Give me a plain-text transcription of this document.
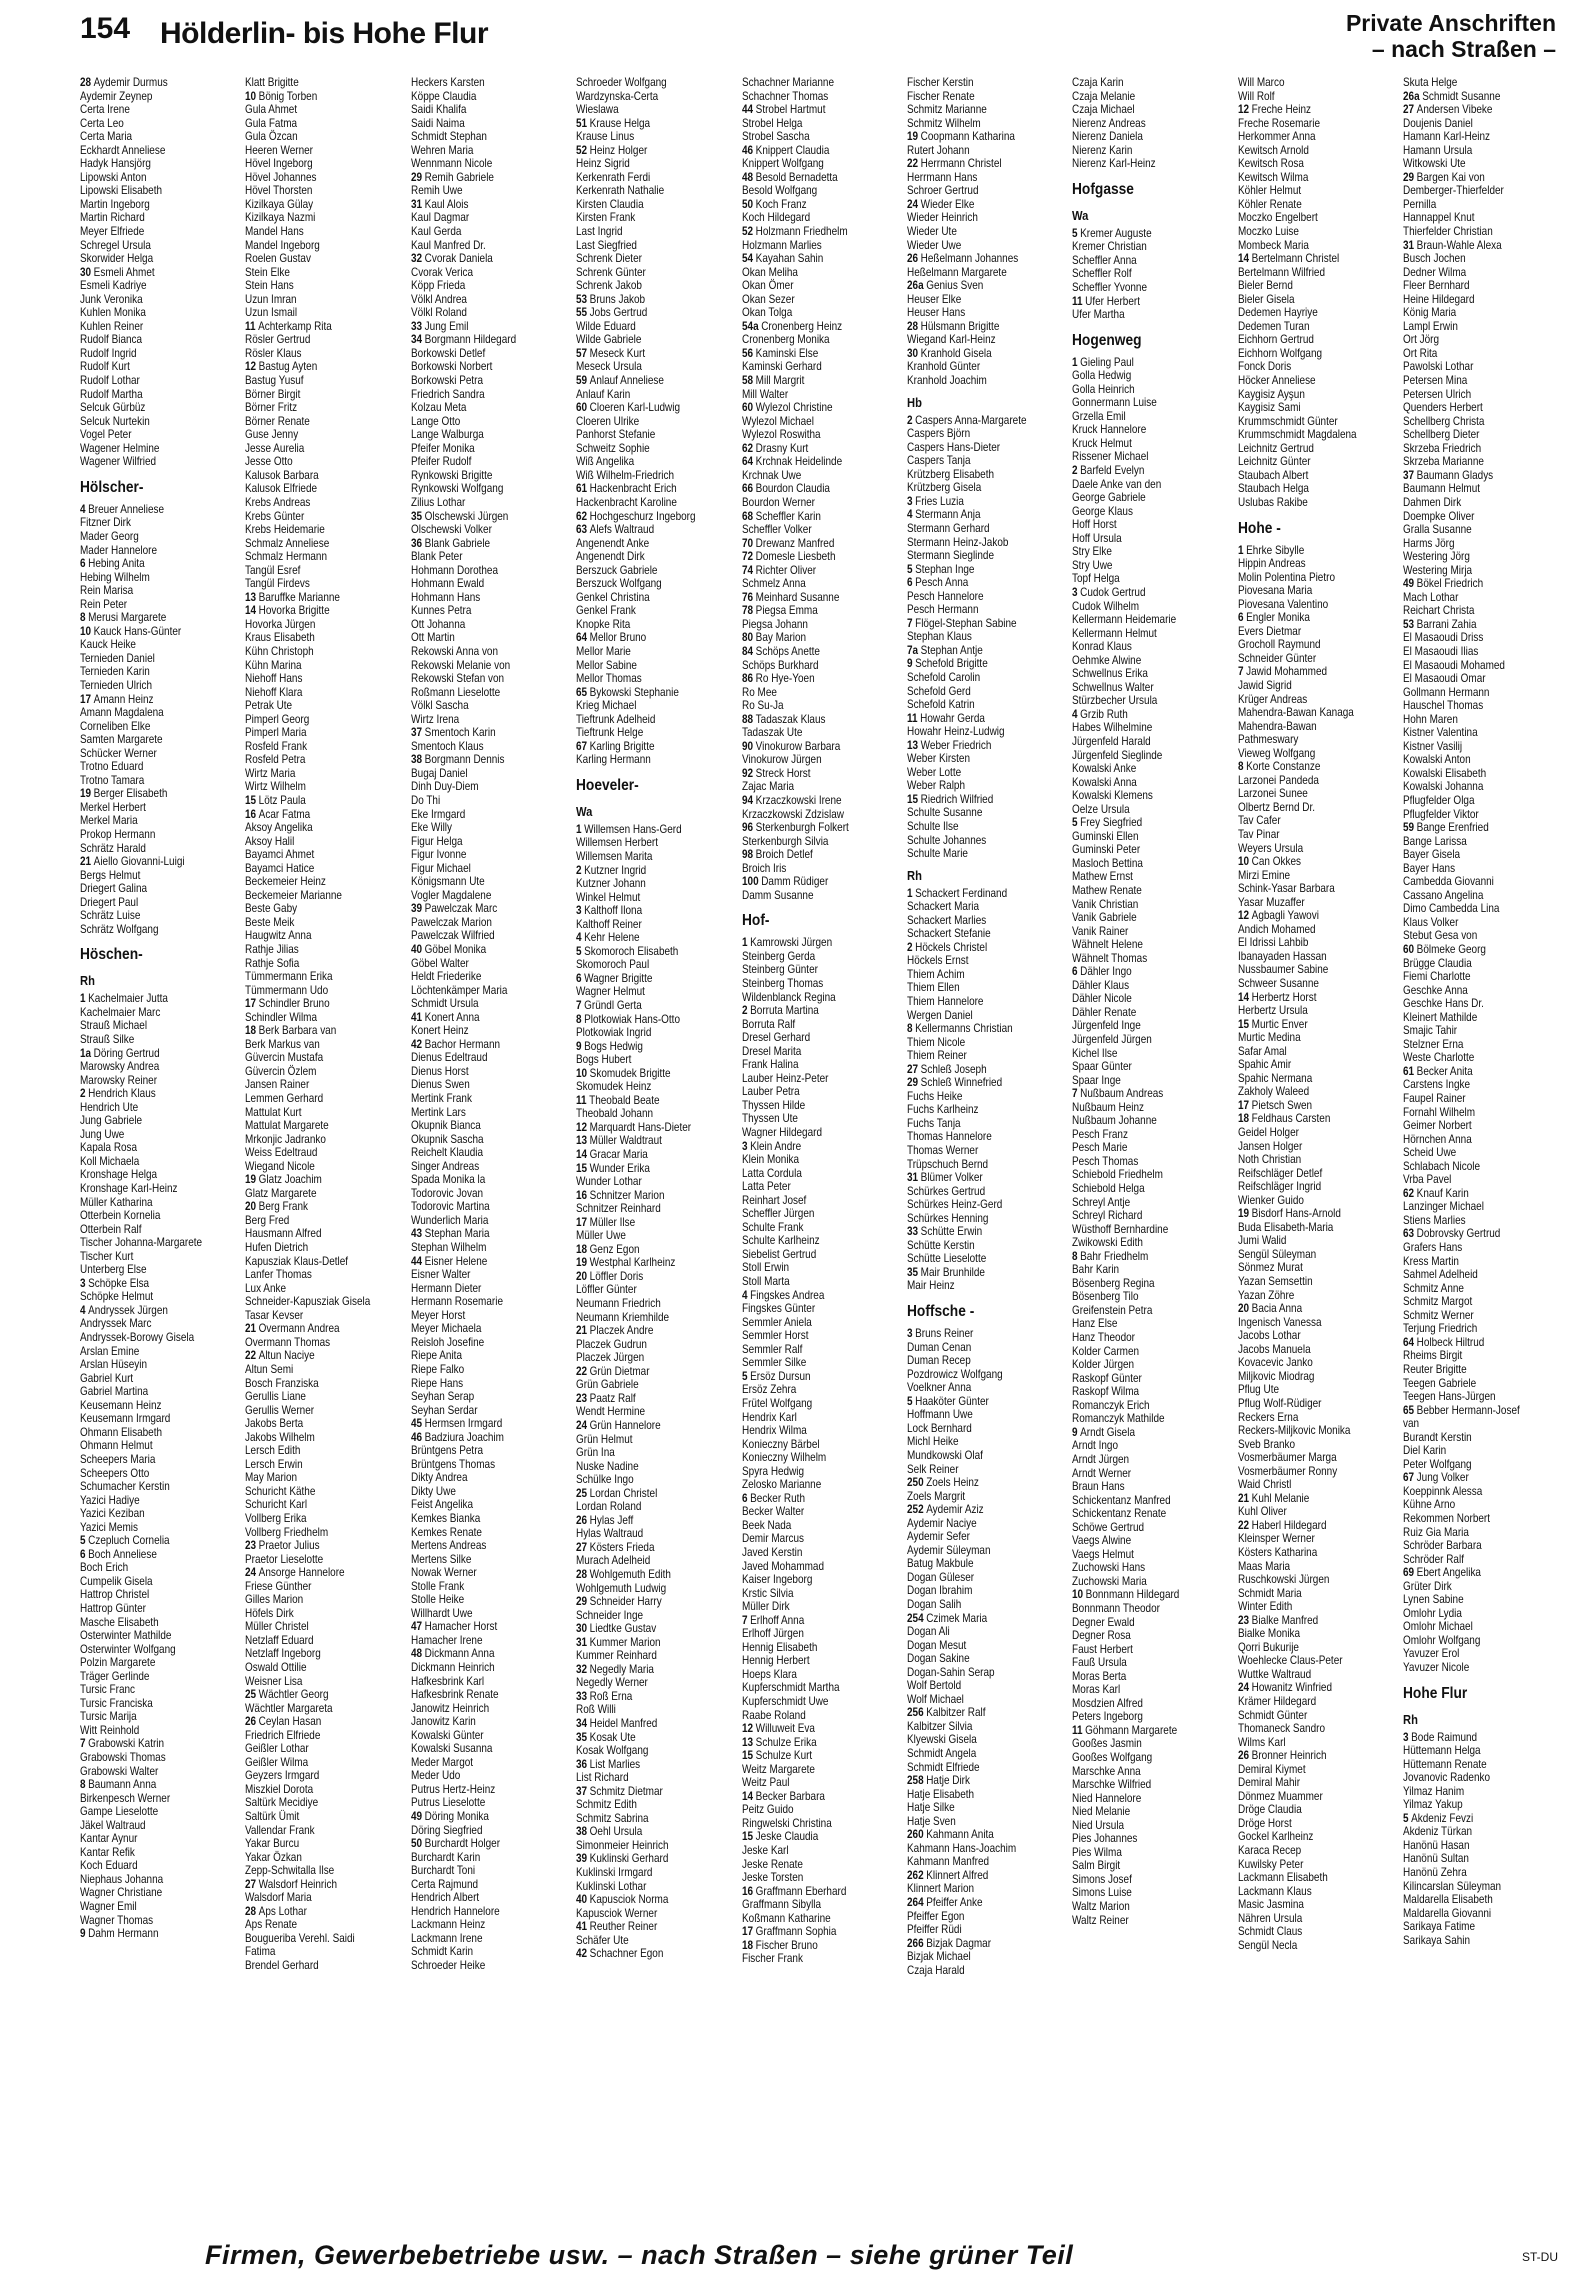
154 Hölderlin- bis Hohe Flur	Private Anschriften
– nach Straßen –
28 Aydemir Durmus
Aydemir Zeynep
Certa Irene
Certa Leo
Certa Maria
Eckhardt Anneliese
Hadyk Hansjörg
Lipowski Anton
Lipowski Elisabeth
Martin Ingeborg
Martin Richard
Meyer Elfriede
Schregel Ursula
Skorwider Helga
30 Esmeli Ahmet
Esmeli Kadriye
Junk Veronika
Kuhlen Monika
Kuhlen Reiner
Rudolf Bianca
Rudolf Ingrid
Rudolf Kurt
Rudolf Lothar
Rudolf Martha
Selcuk Gürbüz
Selcuk Nurtekin
Vogel Peter
Wagener Helmine
Wagener Wilfried
Hölscher-
4 Breuer Anneliese
Fitzner Dirk
Mader Georg
Mader Hannelore
6 Hebing Anita
Hebing Wilhelm
Rein Marisa
Rein Peter
8 Merusi Margarete
10 Kauck Hans-Günter
Kauck Heike
Ternieden Daniel
Ternieden Karin
Ternieden Ulrich
17 Amann Heinz
Amann Magdalena
Corneliben Elke
Samten Margarete
Schücker Werner
Trotno Eduard
Trotno Tamara
19 Berger Elisabeth
Merkel Herbert
Merkel Maria
Prokop Hermann
Schrätz Harald
21 Aiello Giovanni-Luigi
Bergs Helmut
Driegert Galina
Driegert Paul
Schrätz Luise
Schrätz Wolfgang
Höschen-
Rh
1 Kachelmaier Jutta
Kachelmaier Marc
Strauß Michael
Strauß Silke
1a Döring Gertrud
Marowsky Andrea
Marowsky Reiner
2 Hendrich Klaus
Hendrich Ute
Jung Gabriele
Jung Uwe
Kapala Rosa
Koll Michaela
Kronshage Helga
Kronshage Karl-Heinz
Müller Katharina
Otterbein Kornelia
Otterbein Ralf
Tischer Johanna-Margarete
Tischer Kurt
Unterberg Else
3 Schöpke Elsa
Schöpke Helmut
4 Andryssek Jürgen
Andryssek Marc
Andryssek-Borowy Gisela
Arslan Emine
Arslan Hüseyin
Gabriel Kurt
Gabriel Martina
Keusemann Heinz
Keusemann Irmgard
Ohmann Elisabeth
Ohmann Helmut
Scheepers Maria
Scheepers Otto
Schumacher Kerstin
Yazici Hadiye
Yazici Keziban
Yazici Memis
5 Czepluch Cornelia
6 Boch Anneliese
Boch Erich
Cumpelik Gisela
Hattrop Christel
Hattrop Günter
Masche Elisabeth
Osterwinter Mathilde
Osterwinter Wolfgang
Polzin Margarete
Träger Gerlinde
Tursic Franc
Tursic Franciska
Tursic Marija
Witt Reinhold
7 Grabowski Katrin
Grabowski Thomas
Grabowski Walter
8 Baumann Anna
Birkenpesch Werner
Gampe Lieselotte
Jäkel Waltraud
Kantar Aynur
Kantar Refik
Koch Eduard
Niephaus Johanna
Wagner Christiane
Wagner Emil
Wagner Thomas
9 Dahm Hermann
Klatt Brigitte
10 Bönig Torben
Gula Ahmet
Gula Fatma
Gula Özcan
Heeren Werner
Hövel Ingeborg
Hövel Johannes
Hövel Thorsten
Kizilkaya Gülay
Kizilkaya Nazmi
Mandel Hans
Mandel Ingeborg
Roelen Gustav
Stein Elke
Stein Hans
Uzun Imran
Uzun Ismail
11 Achterkamp Rita
Rösler Gertrud
Rösler Klaus
12 Bastug Ayten
Bastug Yusuf
Börner Birgit
Börner Fritz
Börner Renate
Guse Jenny
Jesse Aurelia
Jesse Otto
Kalusok Barbara
Kalusok Elfriede
Krebs Andreas
Krebs Günter
Krebs Heidemarie
Schmalz Anneliese
Schmalz Hermann
Tangül Esref
Tangül Firdevs
13 Baruffke Marianne
14 Hovorka Brigitte
Hovorka Jürgen
Kraus Elisabeth
Kühn Christoph
Kühn Marina
Niehoff Hans
Niehoff Klara
Petrak Ute
Pimperl Georg
Pimperl Maria
Rosfeld Frank
Rosfeld Petra
Wirtz Maria
Wirtz Wilhelm
15 Lötz Paula
16 Acar Fatma
Aksoy Angelika
Aksoy Halil
Bayamci Ahmet
Bayamci Hatice
Beckemeier Heinz
Beckemeier Marianne
Beste Gaby
Beste Meik
Haugwitz Anna
Rathje Jilias
Rathje Sofia
Tümmermann Erika
Tümmermann Udo
17 Schindler Bruno
Schindler Wilma
18 Berk Barbara van
Berk Markus van
Güvercin Mustafa
Güvercin Özlem
Jansen Rainer
Lemmen Gerhard
Mattulat Kurt
Mattulat Margarete
Mrkonjic Jadranko
Weiss Edeltraud
Wiegand Nicole
19 Glatz Joachim
Glatz Margarete
20 Berg Frank
Berg Fred
Hausmann Alfred
Hufen Dietrich
Kapusziak Klaus-Detlef
Lanfer Thomas
Lux Anke
Schneider-Kapusziak Gisela
Tasar Kevser
21 Overmann Andrea
Overmann Thomas
22 Altun Naciye
Altun Semi
Bosch Franziska
Gerullis Liane
Gerullis Werner
Jakobs Berta
Jakobs Wilhelm
Lersch Edith
Lersch Erwin
May Marion
Schuricht Käthe
Schuricht Karl
Vollberg Erika
Vollberg Friedhelm
23 Praetor Julius
Praetor Lieselotte
24 Ansorge Hannelore
Friese Günther
Gilles Marion
Höfels Dirk
Müller Christel
Netzlaff Eduard
Netzlaff Ingeborg
Oswald Ottilie
Weisner Lisa
25 Wächtler Georg
Wächtler Margareta
26 Ceylan Hasan
Friedrich Elfriede
Geißler Lothar
Geißler Wilma
Geyzers Irmgard
Miszkiel Dorota
Saltürk Mecidiye
Saltürk Ümit
Vallendar Frank
Yakar Burcu
Yakar Özkan
Zepp-Schwitalla Ilse
27 Walsdorf Heinrich
Walsdorf Maria
28 Aps Lothar
Aps Renate
Bougueriba Verehl. Saidi
Fatima
Brendel Gerhard
Heckers Karsten
Köppe Claudia
Saidi Khalifa
Saidi Naima
Schmidt Stephan
Wehren Maria
Wennmann Nicole
29 Remih Gabriele
Remih Uwe
31 Kaul Alois
Kaul Dagmar
Kaul Gerda
Kaul Manfred Dr.
32 Cvorak Daniela
Cvorak Verica
Köpp Frieda
Völkl Andrea
Völkl Roland
33 Jung Emil
34 Borgmann Hildegard
Borkowski Detlef
Borkowski Norbert
Borkowski Petra
Friedrich Sandra
Kolzau Meta
Lange Otto
Lange Walburga
Pfeifer Monika
Pfeifer Rudolf
Rynkowski Brigitte
Rynkowski Wolfgang
Zilius Lothar
35 Olschewski Jürgen
Olschewski Volker
36 Blank Gabriele
Blank Peter
Hohmann Dorothea
Hohmann Ewald
Hohmann Hans
Kunnes Petra
Ott Johanna
Ott Martin
Rekowski Anna von
Rekowski Melanie von
Rekowski Stefan von
Roßmann Lieselotte
Völkl Sascha
Wirtz Irena
37 Smentoch Karin
Smentoch Klaus
38 Borgmann Dennis
Bugaj Daniel
Dinh Duy-Diem
Do Thi
Eke Irmgard
Eke Willy
Figur Helga
Figur Ivonne
Figur Michael
Königsmann Ute
Vogler Magdalene
39 Pawelczak Marc
Pawelczak Marion
Pawelczak Wilfried
40 Göbel Monika
Göbel Walter
Heldt Friederike
Löchtenkämper Maria
Schmidt Ursula
41 Konert Anna
Konert Heinz
42 Bachor Hermann
Dienus Edeltraud
Dienus Horst
Dienus Swen
Mertink Frank
Mertink Lars
Okupnik Bianca
Okupnik Sascha
Reichelt Klaudia
Singer Andreas
Spada Monika la
Todorovic Jovan
Todorovic Martina
Wunderlich Maria
43 Stephan Maria
Stephan Wilhelm
44 Eisner Helene
Eisner Walter
Hermann Dieter
Hermann Rosemarie
Meyer Horst
Meyer Michaela
Reisloh Josefine
Riepe Anita
Riepe Falko
Riepe Hans
Seyhan Serap
Seyhan Serdar
45 Hermsen Irmgard
46 Badziura Joachim
Brüntgens Petra
Brüntgens Thomas
Dikty Andrea
Dikty Uwe
Feist Angelika
Kemkes Bianka
Kemkes Renate
Mertens Andreas
Mertens Silke
Nowak Werner
Stolle Frank
Stolle Heike
Willhardt Uwe
47 Hamacher Horst
Hamacher Irene
48 Dickmann Anna
Dickmann Heinrich
Hafkesbrink Karl
Hafkesbrink Renate
Janowitz Heinrich
Janowitz Karin
Kowalski Günter
Kowalski Susanna
Meder Margot
Meder Udo
Putrus Hertz-Heinz
Putrus Lieselotte
49 Döring Monika
Döring Siegfried
50 Burchardt Holger
Burchardt Karin
Burchardt Toni
Certa Rajmund
Hendrich Albert
Hendrich Hannelore
Lackmann Heinz
Lackmann Irene
Schmidt Karin
Schroeder Heike
Schroeder Wolfgang
Wardzynska-Certa
Wieslawa
51 Krause Helga
Krause Linus
52 Heinz Holger
Heinz Sigrid
Kerkenrath Ferdi
Kerkenrath Nathalie
Kirsten Claudia
Kirsten Frank
Last Ingrid
Last Siegfried
Schrenk Dieter
Schrenk Günter
Schrenk Jakob
53 Bruns Jakob
55 Jobs Gertrud
Wilde Eduard
Wilde Gabriele
57 Meseck Kurt
Meseck Ursula
59 Anlauf Anneliese
Anlauf Karin
60 Cloeren Karl-Ludwig
Cloeren Ulrike
Panhorst Stefanie
Schweitz Sophie
Wiß Angelika
Wiß Wilhelm-Friedrich
61 Hackenbracht Erich
Hackenbracht Karoline
62 Hochgeschurz Ingeborg
63 Alefs Waltraud
Angenendt Anke
Angenendt Dirk
Berszuck Gabriele
Berszuck Wolfgang
Genkel Christina
Genkel Frank
Knopke Rita
64 Mellor Bruno
Mellor Marie
Mellor Sabine
Mellor Thomas
65 Bykowski Stephanie
Krieg Michael
Tieftrunk Adelheid
Tieftrunk Helge
67 Karling Brigitte
Karling Hermann
Hoeveler-
Wa
1 Willemsen Hans-Gerd
Willemsen Herbert
Willemsen Marita
2 Kutzner Ingrid
Kutzner Johann
Winkel Helmut
3 Kalthoff Ilona
Kalthoff Reiner
4 Kehr Helene
5 Skomoroch Elisabeth
Skomoroch Paul
6 Wagner Brigitte
Wagner Helmut
7 Gründl Gerta
8 Plotkowiak Hans-Otto
Plotkowiak Ingrid
9 Bogs Hedwig
Bogs Hubert
10 Skomudek Brigitte
Skomudek Heinz
11 Theobald Beate
Theobald Johann
12 Marquardt Hans-Dieter
13 Müller Waldtraut
14 Gracar Maria
15 Wunder Erika
Wunder Lothar
16 Schnitzer Marion
Schnitzer Reinhard
17 Müller Ilse
Müller Uwe
18 Genz Egon
19 Westphal Karlheinz
20 Löffler Doris
Löffler Günter
Neumann Friedrich
Neumann Kriemhilde
21 Placzek Andre
Placzek Gudrun
Placzek Jürgen
22 Grün Dietmar
Grün Gabriele
23 Paatz Ralf
Wendt Hermine
24 Grün Hannelore
Grün Helmut
Grün Ina
Nuske Nadine
Schülke Ingo
25 Lordan Christel
Lordan Roland
26 Hylas Jeff
Hylas Waltraud
27 Kösters Frieda
Murach Adelheid
28 Wohlgemuth Edith
Wohlgemuth Ludwig
29 Schneider Harry
Schneider Inge
30 Liedtke Gustav
31 Kummer Marion
Kummer Reinhard
32 Negedly Maria
Negedly Werner
33 Roß Erna
Roß Willi
34 Heidel Manfred
35 Kosak Ute
Kosak Wolfgang
36 List Marlies
List Richard
37 Schmitz Dietmar
Schmitz Edith
Schmitz Sabrina
38 Oehl Ursula
Simonmeier Heinrich
39 Kuklinski Gerhard
Kuklinski Irmgard
Kuklinski Lothar
40 Kapusciok Norma
Kapusciok Werner
41 Reuther Reiner
Schäfer Ute
42 Schachner Egon
Schachner Marianne
Schachner Thomas
44 Strobel Hartmut
Strobel Helga
Strobel Sascha
46 Knippert Claudia
Knippert Wolfgang
48 Besold Bernadetta
Besold Wolfgang
50 Koch Franz
Koch Hildegard
52 Holzmann Friedhelm
Holzmann Marlies
54 Kayahan Sahin
Okan Meliha
Okan Ömer
Okan Sezer
Okan Tolga
54a Cronenberg Heinz
Cronenberg Monika
56 Kaminski Else
Kaminski Gerhard
58 Mill Margrit
Mill Walter
60 Wylezol Christine
Wylezol Michael
Wylezol Roswitha
62 Drasny Kurt
64 Krchnak Heidelinde
Krchnak Uwe
66 Bourdon Claudia
Bourdon Werner
68 Scheffler Karin
Scheffler Volker
70 Drewanz Manfred
72 Domesle Liesbeth
74 Richter Oliver
Schmelz Anna
76 Meinhard Susanne
78 Piegsa Emma
Piegsa Johann
80 Bay Marion
84 Schöps Anette
Schöps Burkhard
86 Ro Hye-Yoen
Ro Mee
Ro Su-Ja
88 Tadaszak Klaus
Tadaszak Ute
90 Vinokurow Barbara
Vinokurow Jürgen
92 Streck Horst
Zajac Maria
94 Krzaczkowski Irene
Krzaczkowski Zdzislaw
96 Sterkenburgh Folkert
Sterkenburgh Silvia
98 Broich Detlef
Broich Iris
100 Damm Rüdiger
Damm Susanne
Hof-
1 Kamrowski Jürgen
Steinberg Gerda
Steinberg Günter
Steinberg Thomas
Wildenblanck Regina
2 Borruta Martina
Borruta Ralf
Dresel Gerhard
Dresel Marita
Frank Halina
Lauber Heinz-Peter
Lauber Petra
Thyssen Hilde
Thyssen Ute
Wagner Hildegard
3 Klein Andre
Klein Monika
Latta Cordula
Latta Peter
Reinhart Josef
Scheffler Jürgen
Schulte Frank
Schulte Karlheinz
Siebelist Gertrud
Stoll Erwin
Stoll Marta
4 Fingskes Andrea
Fingskes Günter
Semmler Aniela
Semmler Horst
Semmler Ralf
Semmler Silke
5 Ersöz Dursun
Ersöz Zehra
Frütel Wolfgang
Hendrix Karl
Hendrix Wilma
Konieczny Bärbel
Konieczny Wilhelm
Spyra Hedwig
Zelosko Marianne
6 Becker Ruth
Becker Walter
Beek Nada
Demir Marcus
Javed Kerstin
Javed Mohammad
Kaiser Ingeborg
Krstic Silvia
Müller Dirk
7 Erlhoff Anna
Erlhoff Jürgen
Hennig Elisabeth
Hennig Herbert
Hoeps Klara
Kupferschmidt Martha
Kupferschmidt Uwe
Raabe Roland
12 Willuweit Eva
13 Schulze Erika
15 Schulze Kurt
Weitz Margarete
Weitz Paul
14 Becker Barbara
Peitz Guido
Ringwelski Christina
15 Jeske Claudia
Jeske Karl
Jeske Renate
Jeske Torsten
16 Graffmann Eberhard
Graffmann Sibylla
Koßmann Katharine
17 Graffmann Sophia
18 Fischer Bruno
Fischer Frank
Fischer Kerstin
Fischer Renate
Schmitz Marianne
Schmitz Wilhelm
19 Coopmann Katharina
Rutert Johann
22 Herrmann Christel
Herrmann Hans
Schroer Gertrud
24 Wieder Elke
Wieder Heinrich
Wieder Ute
Wieder Uwe
26 Heßelmann Johannes
Heßelmann Margarete
26a Genius Sven
Heuser Elke
Heuser Hans
28 Hülsmann Brigitte
Wiegand Karl-Heinz
30 Kranhold Gisela
Kranhold Günter
Kranhold Joachim
Hb
2 Caspers Anna-Margarete
Caspers Björn
Caspers Hans-Dieter
Caspers Tanja
Krützberg Elisabeth
Krützberg Gisela
3 Fries Luzia
4 Stermann Anja
Stermann Gerhard
Stermann Heinz-Jakob
Stermann Sieglinde
5 Stephan Inge
6 Pesch Anna
Pesch Hannelore
Pesch Hermann
7 Flögel-Stephan Sabine
Stephan Klaus
7a Stephan Antje
9 Schefold Brigitte
Schefold Carolin
Schefold Gerd
Schefold Katrin
11 Howahr Gerda
Howahr Heinz-Ludwig
13 Weber Friedrich
Weber Kirsten
Weber Lotte
Weber Ralph
15 Riedrich Wilfried
Schulte Susanne
Schulte Ilse
Schulte Johannes
Schulte Marie
Rh
1 Schackert Ferdinand
Schackert Maria
Schackert Marlies
Schackert Stefanie
2 Höckels Christel
Höckels Ernst
Thiem Achim
Thiem Ellen
Thiem Hannelore
Wergen Daniel
8 Kellermanns Christian
Thiem Nicole
Thiem Reiner
27 Schleß Joseph
29 Schleß Winnefried
Fuchs Heike
Fuchs Karlheinz
Fuchs Tanja
Thomas Hannelore
Thomas Werner
Trüpschuch Bernd
31 Blümer Volker
Schürkes Gertrud
Schürkes Heinz-Gerd
Schürkes Henning
33 Schütte Erwin
Schütte Kerstin
Schütte Lieselotte
35 Mair Brunhilde
Mair Heinz
Hoffsche -
3 Bruns Reiner
Duman Cenan
Duman Recep
Pozdrowicz Wolfgang
Voelkner Anna
5 Haaköter Günter
Hoffmann Uwe
Lock Bernhard
Michl Heike
Mundkowski Olaf
Selk Reiner
250 Zoels Heinz
Zoels Margrit
252 Aydemir Aziz
Aydemir Naciye
Aydemir Sefer
Aydemir Süleyman
Batug Makbule
Dogan Güleser
Dogan Ibrahim
Dogan Salih
254 Czimek Maria
Dogan Ali
Dogan Mesut
Dogan Sakine
Dogan-Sahin Serap
Wolf Bertold
Wolf Michael
256 Kalbitzer Ralf
Kalbitzer Silvia
Klyewski Gisela
Schmidt Angela
Schmidt Elfriede
258 Hatje Dirk
Hatje Elisabeth
Hatje Silke
Hatje Sven
260 Kahmann Anita
Kahmann Hans-Joachim
Kahmann Manfred
262 Klinnert Alfred
Klinnert Marion
264 Pfeiffer Anke
Pfeiffer Egon
Pfeiffer Rüdi
266 Bizjak Dagmar
Bizjak Michael
Czaja Harald
Czaja Karin
Czaja Melanie
Czaja Michael
Nierenz Andreas
Nierenz Daniela
Nierenz Karin
Nierenz Karl-Heinz
Hofgasse
Wa
5 Kremer Auguste
Kremer Christian
Scheffler Anna
Scheffler Rolf
Scheffler Yvonne
11 Ufer Herbert
Ufer Martha
Hogenweg
1 Gieling Paul
Golla Hedwig
Golla Heinrich
Gonnermann Luise
Grzella Emil
Kruck Hannelore
Kruck Helmut
Rissener Michael
2 Barfeld Evelyn
Daele Anke van den
George Gabriele
George Klaus
Hoff Horst
Hoff Ursula
Stry Elke
Stry Uwe
Topf Helga
3 Cudok Gertrud
Cudok Wilhelm
Kellermann Heidemarie
Kellermann Helmut
Konrad Klaus
Oehmke Alwine
Schwellnus Erika
Schwellnus Walter
Stürzbecher Ursula
4 Grzib Ruth
Habes Wilhelmine
Jürgenfeld Harald
Jürgenfeld Sieglinde
Kowalski Anke
Kowalski Anna
Kowalski Klemens
Oelze Ursula
5 Frey Siegfried
Guminski Ellen
Guminski Peter
Masloch Bettina
Mathew Ernst
Mathew Renate
Vanik Christian
Vanik Gabriele
Vanik Rainer
Wähnelt Helene
Wähnelt Thomas
6 Dähler Ingo
Dähler Klaus
Dähler Nicole
Dähler Renate
Jürgenfeld Inge
Jürgenfeld Jürgen
Kichel Ilse
Spaar Günter
Spaar Inge
7 Nußbaum Andreas
Nußbaum Heinz
Nußbaum Johanne
Pesch Franz
Pesch Marie
Pesch Thomas
Schiebold Friedhelm
Schiebold Helga
Schreyl Antje
Schreyl Richard
Wüsthoff Bernhardine
Zwikowski Edith
8 Bahr Friedhelm
Bahr Karin
Bösenberg Regina
Bösenberg Tilo
Greifenstein Petra
Hanz Else
Hanz Theodor
Kolder Carmen
Kolder Jürgen
Raskopf Günter
Raskopf Wilma
Romanczyk Erich
Romanczyk Mathilde
9 Arndt Gisela
Arndt Ingo
Arndt Jürgen
Arndt Werner
Braun Hans
Schickentanz Manfred
Schickentanz Renate
Schöwe Gertrud
Vaegs Alwine
Vaegs Helmut
Zuchowski Hans
Zuchowski Maria
10 Bonnmann Hildegard
Bonnmann Theodor
Degner Ewald
Degner Rosa
Faust Herbert
Fauß Ursula
Moras Berta
Moras Karl
Mosdzien Alfred
Peters Ingeborg
11 Göhmann Margarete
Gooßes Jasmin
Gooßes Wolfgang
Marschke Anna
Marschke Wilfried
Nied Hannelore
Nied Melanie
Nied Ursula
Pies Johannes
Pies Wilma
Salm Birgit
Simons Josef
Simons Luise
Waltz Marion
Waltz Reiner
Will Marco
Will Rolf
12 Freche Heinz
Freche Rosemarie
Herkommer Anna
Kewitsch Arnold
Kewitsch Rosa
Kewitsch Wilma
Köhler Helmut
Köhler Renate
Moczko Engelbert
Moczko Luise
Mombeck Maria
14 Bertelmann Christel
Bertelmann Wilfried
Bieler Bernd
Bieler Gisela
Dedemen Hayriye
Dedemen Turan
Eichhorn Gertrud
Eichhorn Wolfgang
Fonck Doris
Höcker Anneliese
Kaygisiz Ayşun
Kaygisiz Sami
Krummschmidt Günter
Krummschmidt Magdalena
Leichnitz Gertrud
Leichnitz Günter
Staubach Albert
Staubach Helga
Uslubas Rakibe
Hohe -
1 Ehrke Sibylle
Hippin Andreas
Molin Polentina Pietro
Piovesana Maria
Piovesana Valentino
6 Engler Monika
Evers Dietmar
Grocholl Raymund
Schneider Günter
7 Jawid Mohammed
Jawid Sigrid
Krüger Andreas
Mahendra-Bawan Kanaga
Mahendra-Bawan
Pathmeswary
Vieweg Wolfgang
8 Korte Constanze
Larzonei Pandeda
Larzonei Sunee
Olbertz Bernd Dr.
Tav Cafer
Tav Pinar
Weyers Ursula
10 Can Okkes
Mirzi Emine
Schink-Yasar Barbara
Yasar Muzaffer
12 Agbagli Yawovi
Andich Mohamed
El Idrissi Lahbib
Ibanayaden Hassan
Nussbaumer Sabine
Schweer Susanne
14 Herbertz Horst
Herbertz Ursula
15 Murtic Enver
Murtic Medina
Safar Amal
Spahic Amir
Spahic Nermana
Zakholy Waleed
17 Pietsch Swen
18 Feldhaus Carsten
Geidel Holger
Jansen Holger
Noth Christian
Reifschläger Detlef
Reifschläger Ingrid
Wienker Guido
19 Bisdorf Hans-Arnold
Buda Elisabeth-Maria
Jumi Walid
Sengül Süleyman
Sönmez Murat
Yazan Semsettin
Yazan Zöhre
20 Bacia Anna
Ingenisch Vanessa
Jacobs Lothar
Jacobs Manuela
Kovacevic Janko
Miljkovic Miodrag
Pflug Ute
Pflug Wolf-Rüdiger
Reckers Erna
Reckers-Miljkovic Monika
Sveb Branko
Vosmerbäumer Marga
Vosmerbäumer Ronny
Waid Christl
21 Kuhl Melanie
Kuhl Oliver
22 Haberl Hildegard
Kleinsper Werner
Kösters Katharina
Maas Maria
Ruschkowski Jürgen
Schmidt Maria
Winter Edith
23 Bialke Manfred
Bialke Monika
Qorri Bukurije
Woehlecke Claus-Peter
Wuttke Waltraud
24 Howanitz Winfried
Krämer Hildegard
Schmidt Günter
Thomaneck Sandro
Wilms Karl
26 Bronner Heinrich
Demiral Kiymet
Demiral Mahir
Dönmez Muammer
Dröge Claudia
Dröge Horst
Gockel Karlheinz
Karaca Recep
Kuwilsky Peter
Lackmann Elisabeth
Lackmann Klaus
Masic Jasmina
Nähren Ursula
Schmidt Claus
Sengül Necla
Skuta Helge
26a Schmidt Susanne
27 Andersen Vibeke
Doujenis Daniel
Hamann Karl-Heinz
Hamann Ursula
Witkowski Ute
29 Bargen Kai von
Demberger-Thierfelder
Pernilla
Hannappel Knut
Thierfelder Christian
31 Braun-Wahle Alexa
Busch Jochen
Dedner Wilma
Fleer Bernhard
Heine Hildegard
König Maria
Lampl Erwin
Ort Jörg
Ort Rita
Pawolski Lothar
Petersen Mina
Petersen Ulrich
Quenders Herbert
Schellberg Christa
Schellberg Dieter
Skrzeba Friedrich
Skrzeba Marianne
37 Baumann Gladys
Baumann Helmut
Dahmen Dirk
Doempke Oliver
Gralla Susanne
Harms Jörg
Westering Jörg
Westering Mirja
49 Bökel Friedrich
Mach Lothar
Reichart Christa
53 Barrani Zahia
El Masaoudi Driss
El Masaoudi Ilias
El Masaoudi Mohamed
El Masaoudi Omar
Gollmann Hermann
Hauschel Thomas
Hohn Maren
Kistner Valentina
Kistner Vasilij
Kowalski Anton
Kowalski Elisabeth
Kowalski Johanna
Pflugfelder Olga
Pflugfelder Viktor
59 Bange Erenfried
Bange Larissa
Bayer Gisela
Bayer Hans
Cambedda Giovanni
Cassano Angelina
Dimo Cambedda Lina
Klaus Volker
Stebut Gesa von
60 Bölmeke Georg
Brügge Claudia
Fiemi Charlotte
Geschke Anna
Geschke Hans Dr.
Kleinert Mathilde
Smajic Tahir
Stelzner Erna
Weste Charlotte
61 Becker Anita
Carstens Ingke
Faupel Rainer
Fornahl Wilhelm
Geimer Norbert
Hörnchen Anna
Scheid Uwe
Schlabach Nicole
Vrba Pavel
62 Knauf Karin
Lanzinger Michael
Stiens Marlies
63 Dobrovsky Gertrud
Grafers Hans
Kress Martin
Sahmel Adelheid
Schmitz Anne
Schmitz Margot
Schmitz Werner
Terjung Friedrich
64 Holbeck Hiltrud
Rheims Birgit
Reuter Brigitte
Teegen Gabriele
Teegen Hans-Jürgen
65 Bebber Hermann-Josef
van
Burandt Kerstin
Diel Karin
Peter Wolfgang
67 Jung Volker
Koeppinnk Alessa
Kühne Arno
Rekommen Norbert
Ruiz Gia Maria
Schröder Barbara
Schröder Ralf
69 Ebert Angelika
Grüter Dirk
Lynen Sabine
Omlohr Lydia
Omlohr Michael
Omlohr Wolfgang
Yavuzer Erol
Yavuzer Nicole
Hohe Flur
Rh
3 Bode Raimund
Hüttemann Helga
Hüttemann Renate
Jovanovic Radenko
Yilmaz Hanim
Yilmaz Yakup
5 Akdeniz Fevzi
Akdeniz Türkan
Hanönü Hasan
Hanönü Sultan
Hanönü Zehra
Kilincarslan Süleyman
Maldarella Elisabeth
Maldarella Giovanni
Sarikaya Fatime
Sarikaya Sahin
Firmen, Gewerbebetriebe usw. – nach Straßen – siehe grüner Teil	ST-DU
